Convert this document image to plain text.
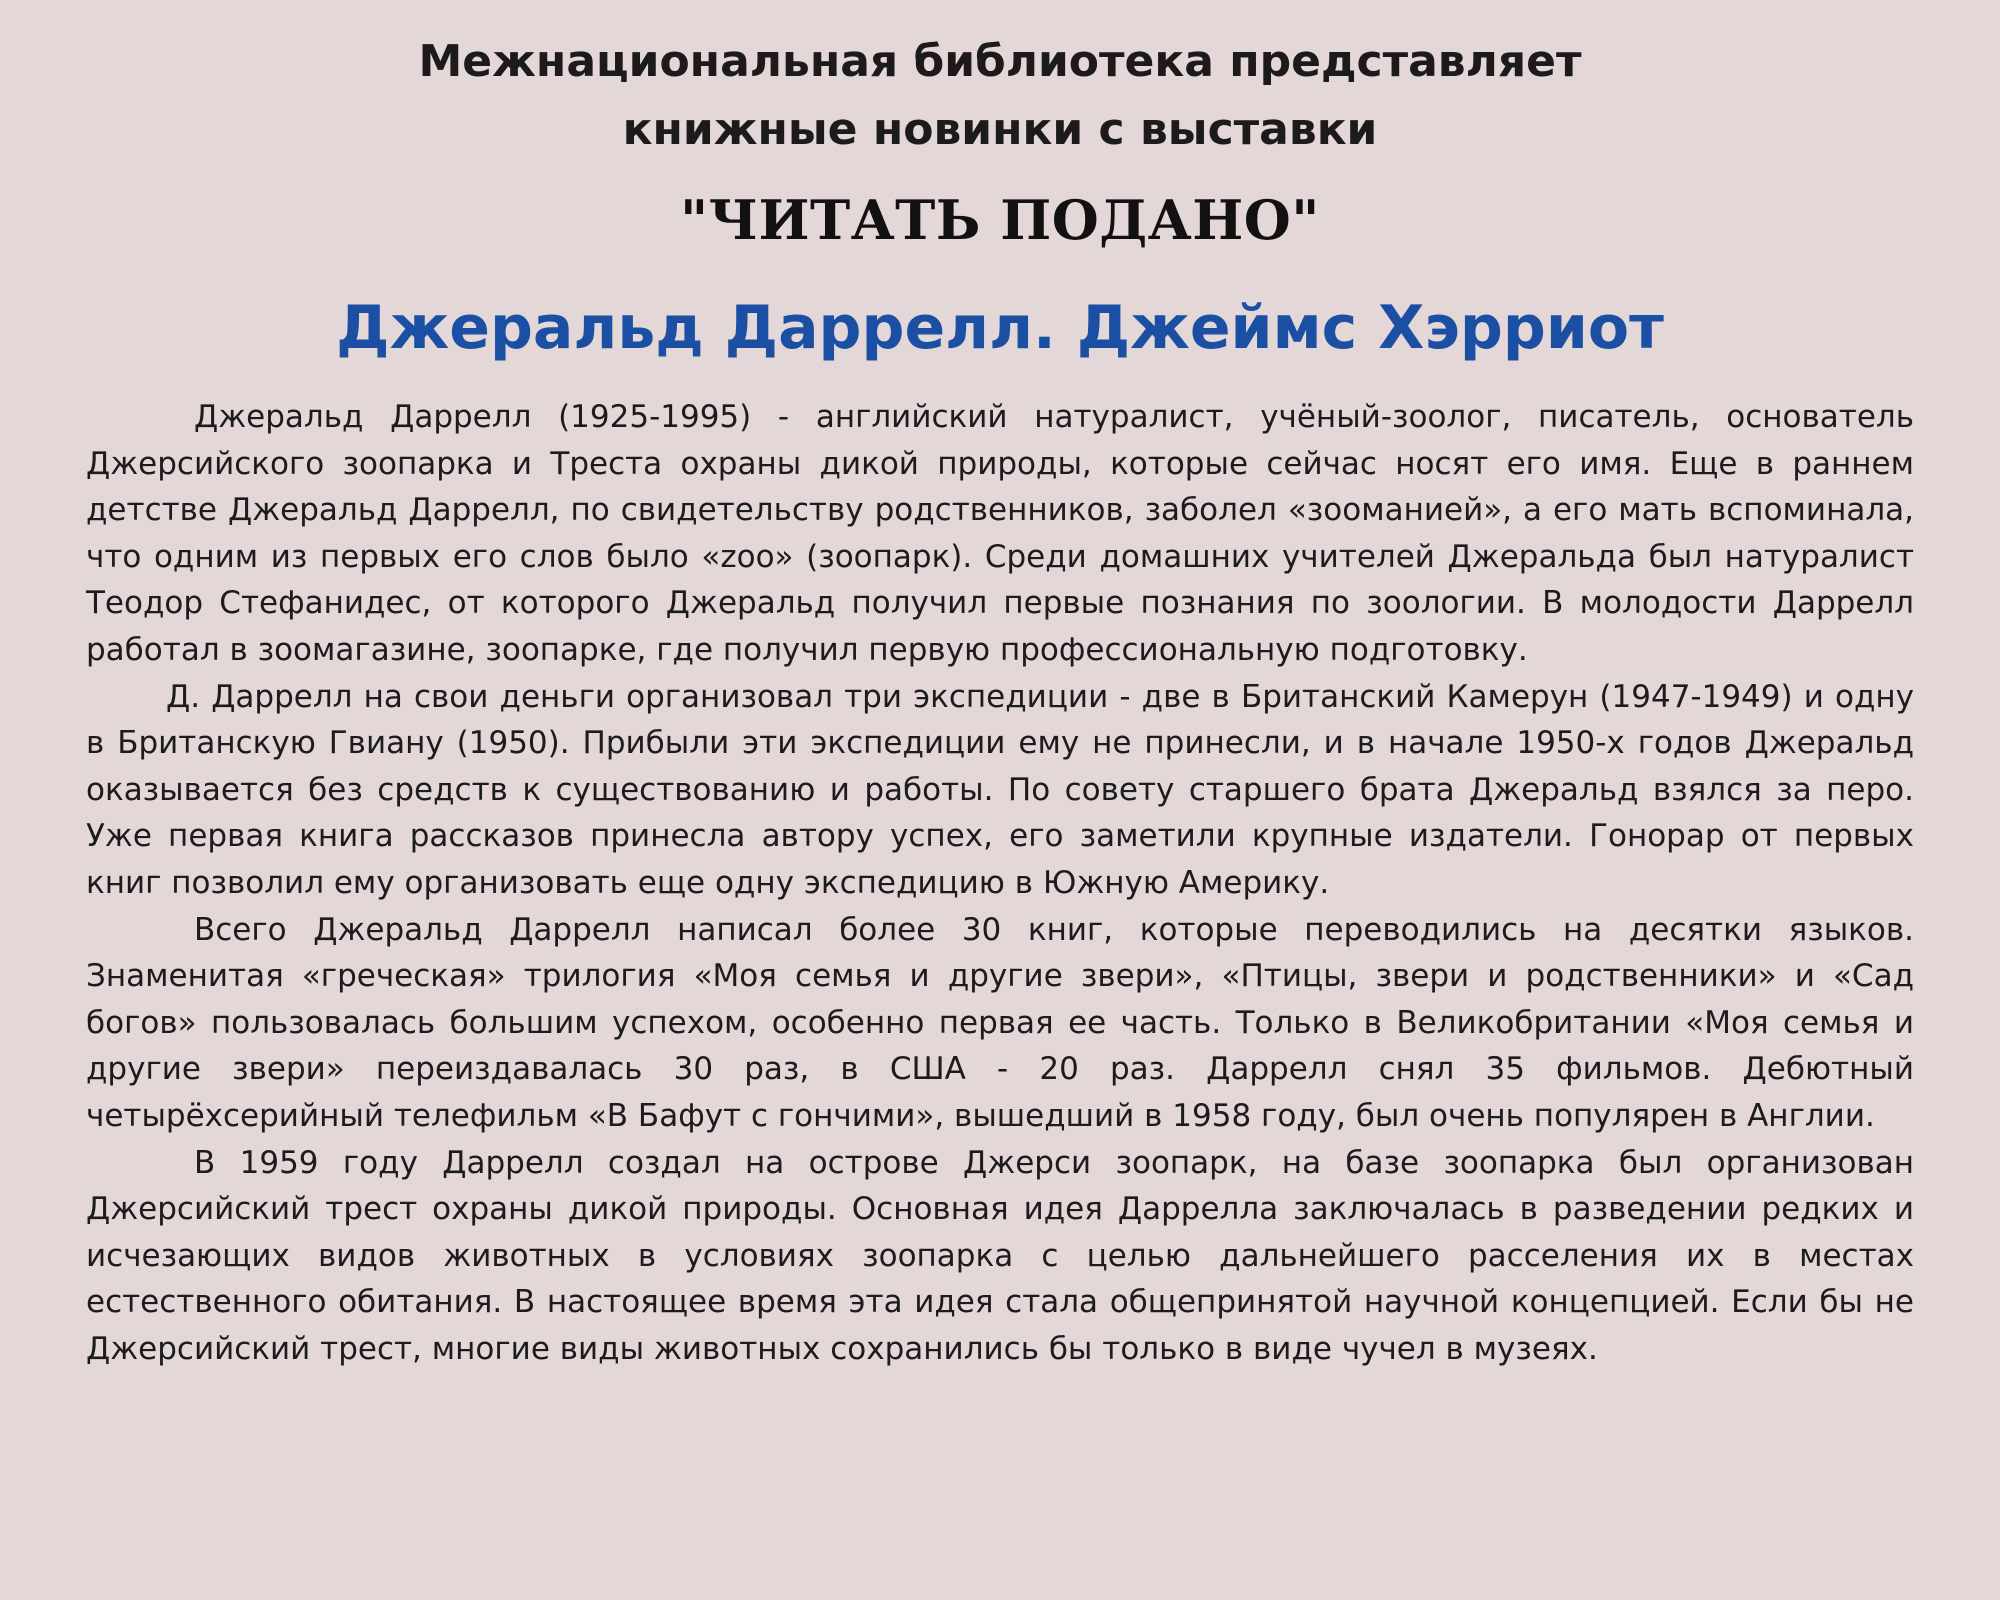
Межнациональная библиотека представляет
книжные новинки с выставки
"ЧИТАТЬ ПОДАНО"
Джеральд Даррелл. Джеймс Хэрриот

Джеральд Даррелл (1925-1995) - английский натуралист, учёный-зоолог, писатель, основатель Джерсийского зоопарка и Треста охраны дикой природы, которые сейчас носят его имя. Еще в раннем детстве Джеральд Даррелл, по свидетельству родственников, заболел «зооманией», а его мать вспоминала, что одним из первых его слов было «zoo» (зоопарк). Среди домашних учителей Джеральда был натуралист Теодор Стефанидес, от которого Джеральд получил первые познания по зоологии. В молодости Даррелл работал в зоомагазине, зоопарке, где получил первую профессиональную подготовку.

Д. Даррелл на свои деньги организовал три экспедиции - две в Британский Камерун (1947-1949) и одну в Британскую Гвиану (1950). Прибыли эти экспедиции ему не принесли, и в начале 1950-х годов Джеральд оказывается без средств к существованию и работы. По совету старшего брата Джеральд взялся за перо. Уже первая книга рассказов принесла автору успех, его заметили крупные издатели. Гонорар от первых книг позволил ему организовать еще одну экспедицию в Южную Америку.

Всего Джеральд Даррелл написал более 30 книг, которые переводились на десятки языков. Знаменитая «греческая» трилогия «Моя семья и другие звери», «Птицы, звери и родственники» и «Сад богов» пользовалась большим успехом, особенно первая ее часть. Только в Великобритании «Моя семья и другие звери» переиздавалась 30 раз, в США - 20 раз. Даррелл снял 35 фильмов. Дебютный четырёхсерийный телефильм «В Бафут с гончими», вышедший в 1958 году, был очень популярен в Англии.

В 1959 году Даррелл создал на острове Джерси зоопарк, на базе зоопарка был организован Джерсийский трест охраны дикой природы. Основная идея Даррелла заключалась в разведении редких и исчезающих видов животных в условиях зоопарка с целью дальнейшего расселения их в местах естественного обитания. В настоящее время эта идея стала общепринятой научной концепцией. Если бы не Джерсийский трест, многие виды животных сохранились бы только в виде чучел в музеях.
